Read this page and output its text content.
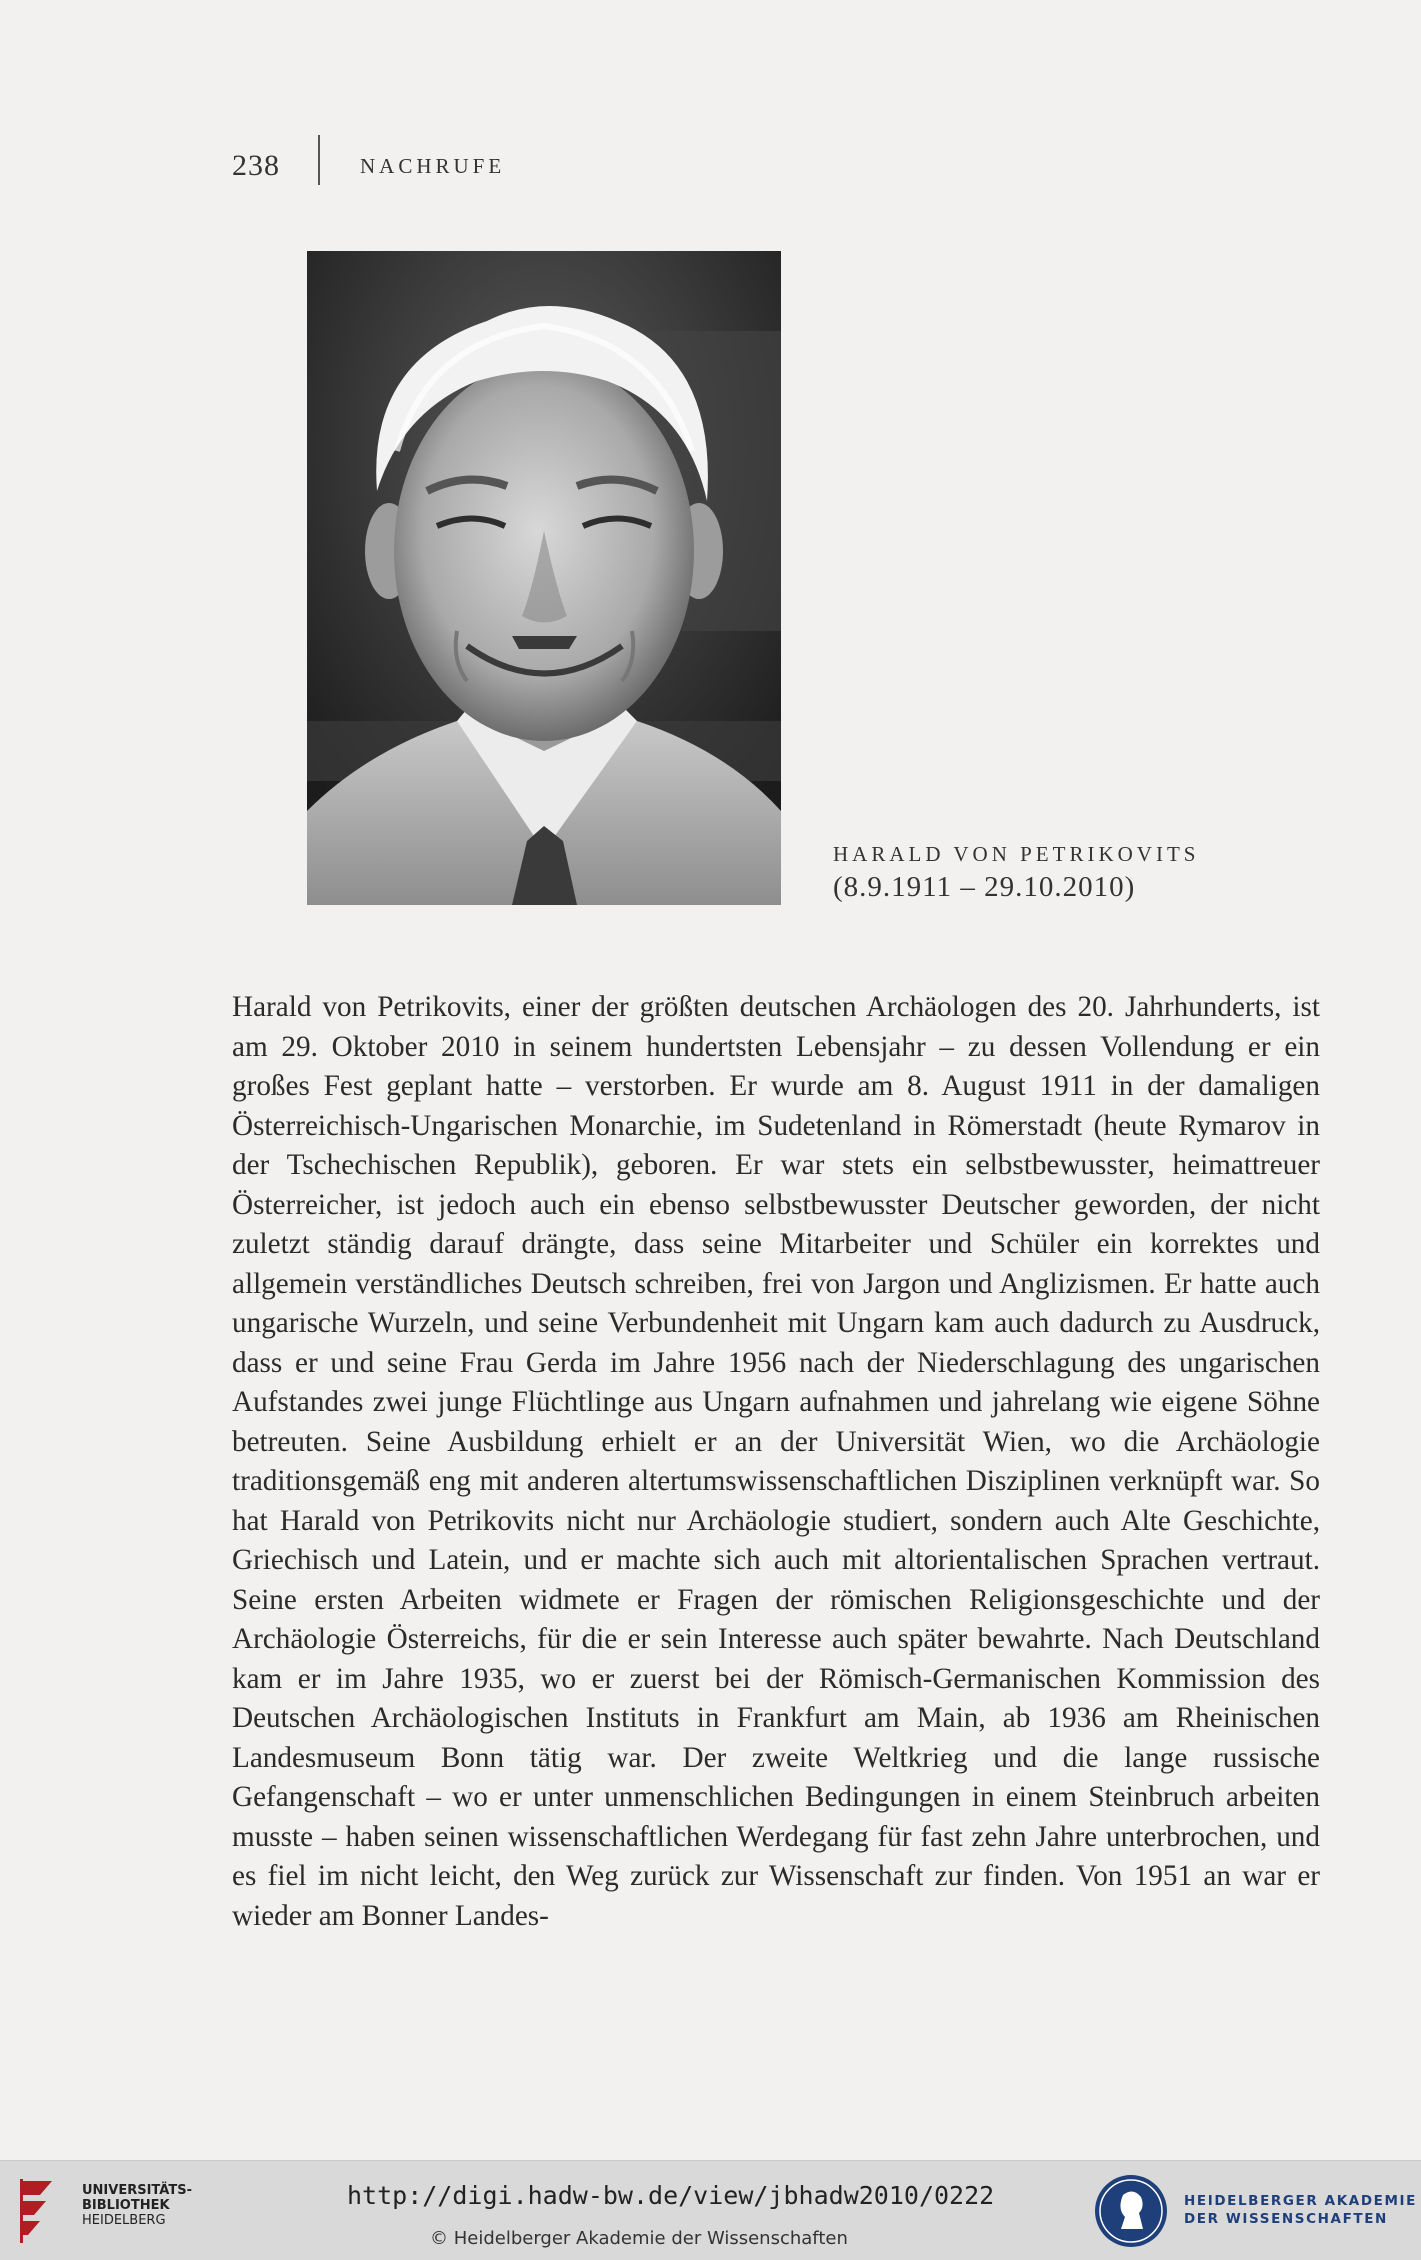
238	NACHRUFE
HARALD VON PETRIKOVITS
(8.9.1911 – 29.10.2010)

Harald von Petrikovits, einer der größten deutschen Archäologen des 20. Jahrhunderts, ist am 29. Oktober 2010 in seinem hundertsten Lebensjahr – zu dessen Vollendung er ein großes Fest geplant hatte – verstorben. Er wurde am 8. August 1911 in der damaligen Österreichisch-Ungarischen Monarchie, im Sudetenland in Römerstadt (heute Rymarov in der Tschechischen Republik), geboren. Er war stets ein selbstbewusster, heimattreuer Österreicher, ist jedoch auch ein ebenso selbstbewusster Deutscher geworden, der nicht zuletzt ständig darauf drängte, dass seine Mitarbeiter und Schüler ein korrektes und allgemein verständliches Deutsch schreiben, frei von Jargon und Anglizismen. Er hatte auch ungarische Wurzeln, und seine Verbundenheit mit Ungarn kam auch dadurch zu Ausdruck, dass er und seine Frau Gerda im Jahre 1956 nach der Niederschlagung des ungarischen Aufstandes zwei junge Flüchtlinge aus Ungarn aufnahmen und jahrelang wie eigene Söhne betreuten. Seine Ausbildung erhielt er an der Universität Wien, wo die Archäologie traditionsgemäß eng mit anderen altertumswissenschaftlichen Disziplinen verknüpft war. So hat Harald von Petrikovits nicht nur Archäologie studiert, sondern auch Alte Geschichte, Griechisch und Latein, und er machte sich auch mit altorientalischen Sprachen vertraut. Seine ersten Arbeiten widmete er Fragen der römischen Religionsgeschichte und der Archäologie Österreichs, für die er sein Interesse auch später bewahrte. Nach Deutschland kam er im Jahre 1935, wo er zuerst bei der Römisch-Germanischen Kommission des Deutschen Archäologischen Instituts in Frankfurt am Main, ab 1936 am Rheinischen Landesmuseum Bonn tätig war. Der zweite Weltkrieg und die lange russische Gefangenschaft – wo er unter unmenschlichen Bedingungen in einem Steinbruch arbeiten musste – haben seinen wissenschaftlichen Werdegang für fast zehn Jahre unterbrochen, und es fiel im nicht leicht, den Weg zurück zur Wissenschaft zur finden. Von 1951 an war er wieder am Bonner Landes-

UNIVERSITÄTS-
BIBLIOTHEK
HEIDELBERG
http://digi.hadw-bw.de/view/jbhadw2010/0222
© Heidelberger Akademie der Wissenschaften
HEIDELBERGER AKADEMIE
DER WISSENSCHAFTEN
